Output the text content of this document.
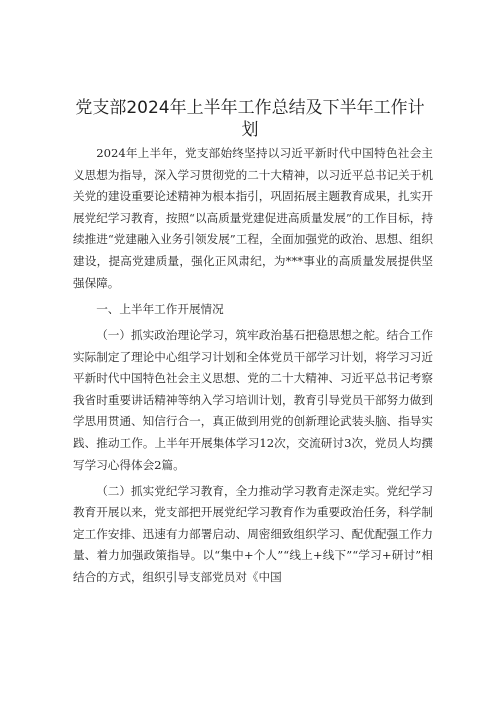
党支部2024年上半年工作总结及下半年工作计
划

2024年上半年，党支部始终坚持以习近平新时代中国特色社会主义思想为指导，深入学习贯彻党的二十大精神，以习近平总书记关于机关党的建设重要论述精神为根本指引，巩固拓展主题教育成果，扎实开展党纪学习教育，按照“以高质量党建促进高质量发展”的工作目标，持续推进“党建融入业务引领发展”工程，全面加强党的政治、思想、组织建设，提高党建质量，强化正风肃纪，为***事业的高质量发展提供坚强保障。

一、上半年工作开展情况

（一）抓实政治理论学习，筑牢政治基石把稳思想之舵。结合工作实际制定了理论中心组学习计划和全体党员干部学习计划，将学习习近平新时代中国特色社会主义思想、党的二十大精神、习近平总书记考察我省时重要讲话精神等纳入学习培训计划，教育引导党员干部努力做到学思用贯通、知信行合一，真正做到用党的创新理论武装头脑、指导实践、推动工作。上半年开展集体学习12次，交流研讨3次，党员人均撰写学习心得体会2篇。

（二）抓实党纪学习教育，全力推动学习教育走深走实。党纪学习教育开展以来，党支部把开展党纪学习教育作为重要政治任务，科学制定工作安排、迅速有力部署启动、周密细致组织学习、配优配强工作力量、着力加强政策指导。以“集中+个人”“线上+线下”“学习+研讨”相结合的方式，组织引导支部党员对《中国
